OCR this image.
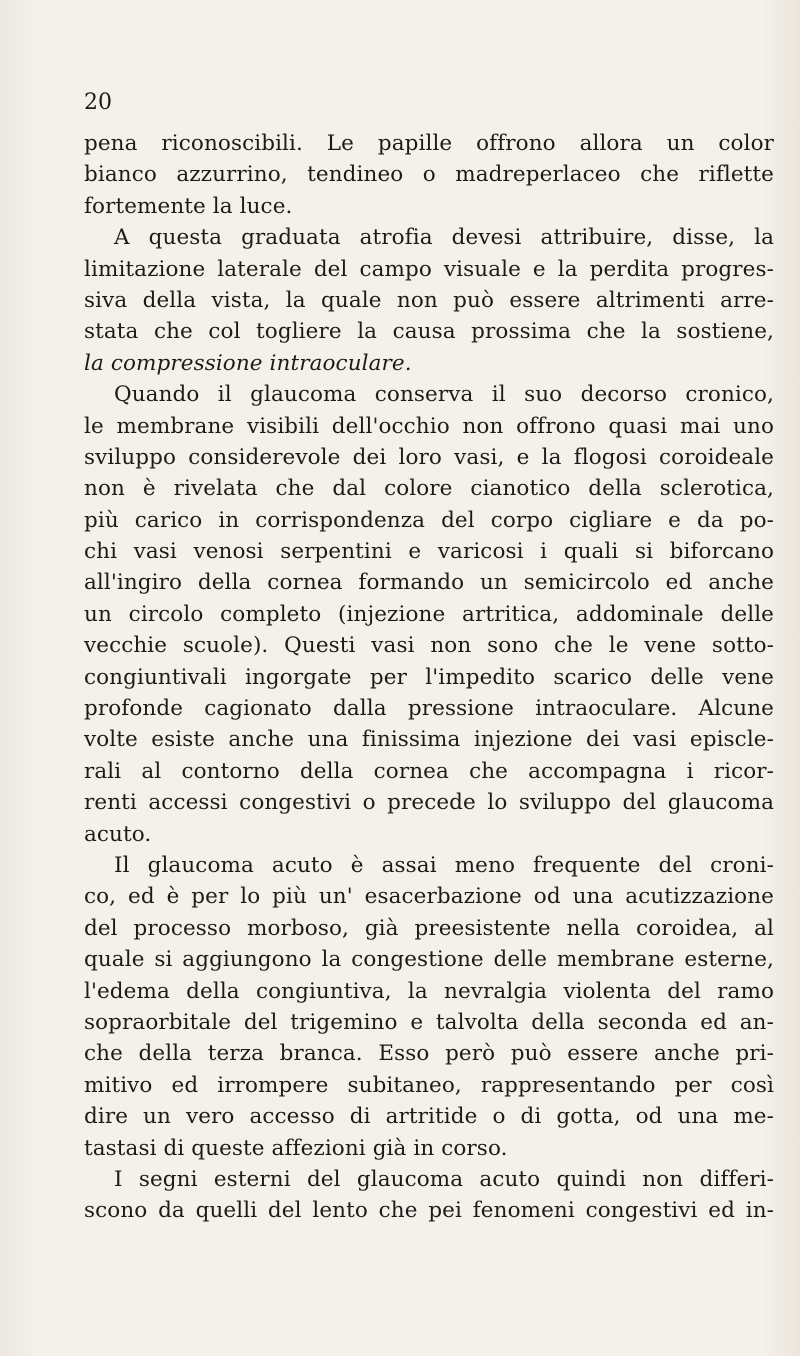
20
pena riconoscibili. Le papille offrono allora un color
bianco azzurrino, tendineo o madreperlaceo che riflette
fortemente la luce.
A questa graduata atrofia devesi attribuire, disse, la
limitazione laterale del campo visuale e la perdita progres-
siva della vista, la quale non può essere altrimenti arre-
stata che col togliere la causa prossima che la sostiene,
la compressione intraoculare.
Quando il glaucoma conserva il suo decorso cronico,
le membrane visibili dell'occhio non offrono quasi mai uno
sviluppo considerevole dei loro vasi, e la flogosi coroideale
non è rivelata che dal colore cianotico della sclerotica,
più carico in corrispondenza del corpo cigliare e da po-
chi vasi venosi serpentini e varicosi i quali si biforcano
all'ingiro della cornea formando un semicircolo ed anche
un circolo completo (injezione artritica, addominale delle
vecchie scuole). Questi vasi non sono che le vene sotto-
congiuntivali ingorgate per l'impedito scarico delle vene
profonde cagionato dalla pressione intraoculare. Alcune
volte esiste anche una finissima injezione dei vasi episcle-
rali al contorno della cornea che accompagna i ricor-
renti accessi congestivi o precede lo sviluppo del glaucoma
acuto.
Il glaucoma acuto è assai meno frequente del croni-
co, ed è per lo più un' esacerbazione od una acutizzazione
del processo morboso, già preesistente nella coroidea, al
quale si aggiungono la congestione delle membrane esterne,
l'edema della congiuntiva, la nevralgia violenta del ramo
sopraorbitale del trigemino e talvolta della seconda ed an-
che della terza branca. Esso però può essere anche pri-
mitivo ed irrompere subitaneo, rappresentando per così
dire un vero accesso di artritide o di gotta, od una me-
tastasi di queste affezioni già in corso.
I segni esterni del glaucoma acuto quindi non differi-
scono da quelli del lento che pei fenomeni congestivi ed in-
